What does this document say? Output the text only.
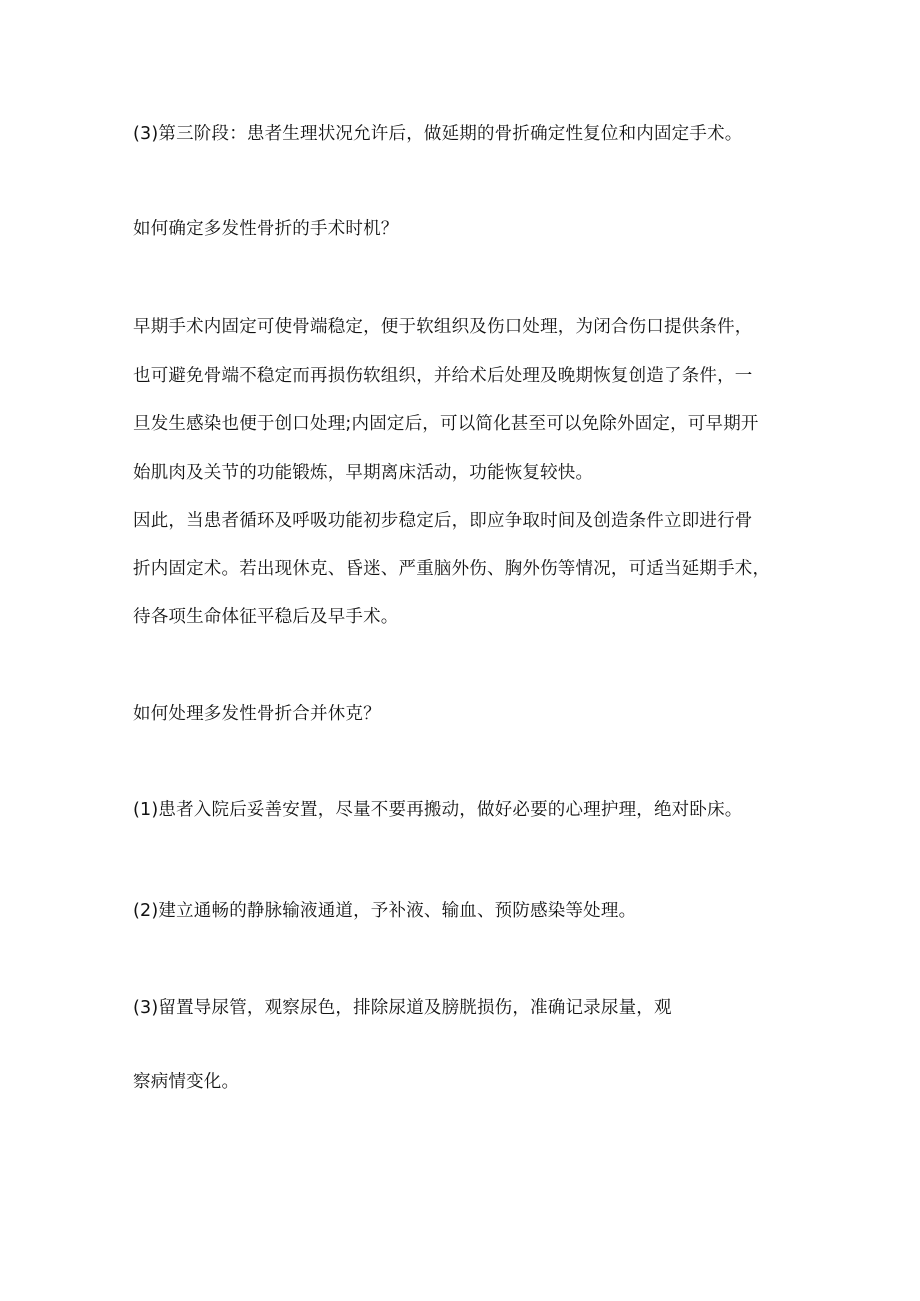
(3)第三阶段：患者生理状况允许后，做延期的骨折确定性复位和内固定手术。

如何确定多发性骨折的手术时机？

早期手术内固定可使骨端稳定，便于软组织及伤口处理，为闭合伤口提供条件，

也可避免骨端不稳定而再损伤软组织，并给术后处理及晚期恢复创造了条件，一

旦发生感染也便于创口处理;内固定后，可以简化甚至可以免除外固定，可早期开

始肌肉及关节的功能锻炼，早期离床活动，功能恢复较快。

因此，当患者循环及呼吸功能初步稳定后，即应争取时间及创造条件立即进行骨

折内固定术。若出现休克、昏迷、严重脑外伤、胸外伤等情况，可适当延期手术，

待各项生命体征平稳后及早手术。

如何处理多发性骨折合并休克？

(1)患者入院后妥善安置，尽量不要再搬动，做好必要的心理护理，绝对卧床。

(2)建立通畅的静脉输液通道，予补液、输血、预防感染等处理。

(3)留置导尿管，观察尿色，排除尿道及膀胱损伤，准确记录尿量，观

察病情变化。
